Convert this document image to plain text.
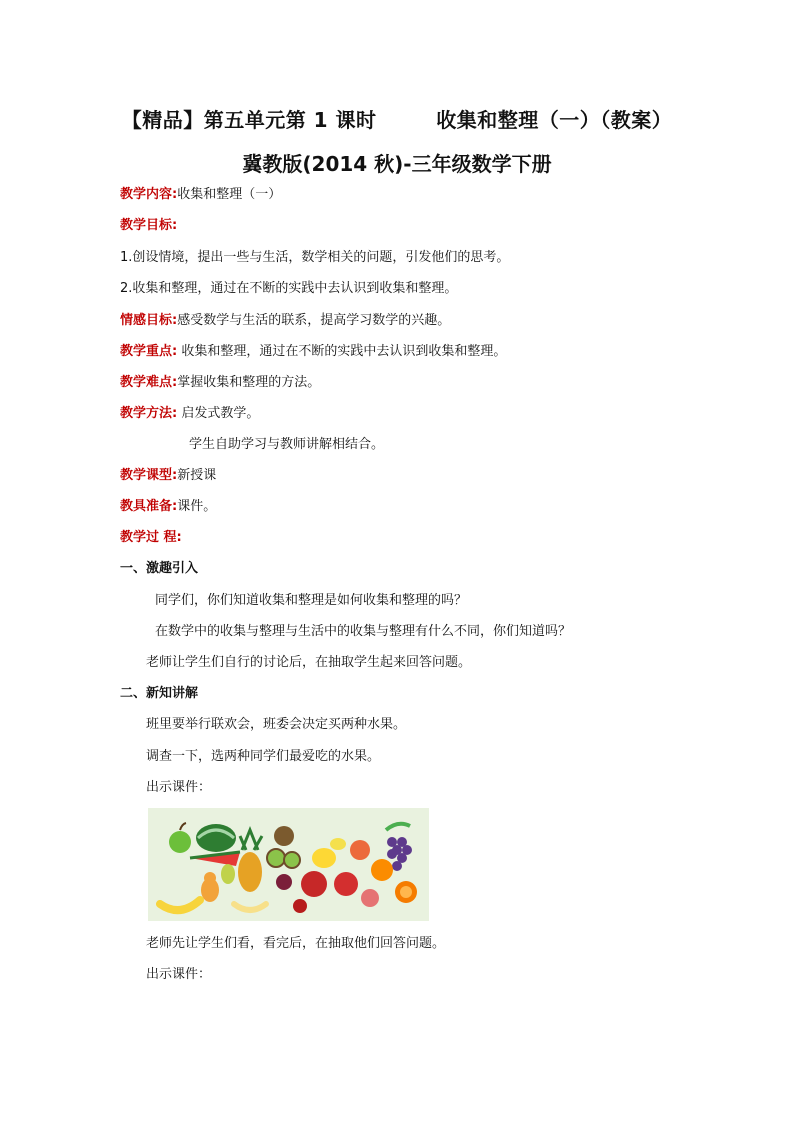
【精品】第五单元第 1 课时        收集和整理（一）（教案）
冀教版(2014 秋)-三年级数学下册
教学内容:收集和整理（一）
教学目标:
1.创设情境，提出一些与生活，数学相关的问题，引发他们的思考。
2.收集和整理，通过在不断的实践中去认识到收集和整理。
情感目标:感受数学与生活的联系，提高学习数学的兴趣。
教学重点: 收集和整理，通过在不断的实践中去认识到收集和整理。
教学难点:掌握收集和整理的方法。
教学方法: 启发式教学。
学生自助学习与教师讲解相结合。
教学课型:新授课
教具准备:课件。
教学过 程:
一、激趣引入
同学们，你们知道收集和整理是如何收集和整理的吗？
在数学中的收集与整理与生活中的收集与整理有什么不同，你们知道吗？
老师让学生们自行的讨论后，在抽取学生起来回答问题。
二、新知讲解
班里要举行联欢会，班委会决定买两种水果。
调查一下，选两种同学们最爱吃的水果。
出示课件：
老师先让学生们看，看完后，在抽取他们回答问题。
出示课件：
